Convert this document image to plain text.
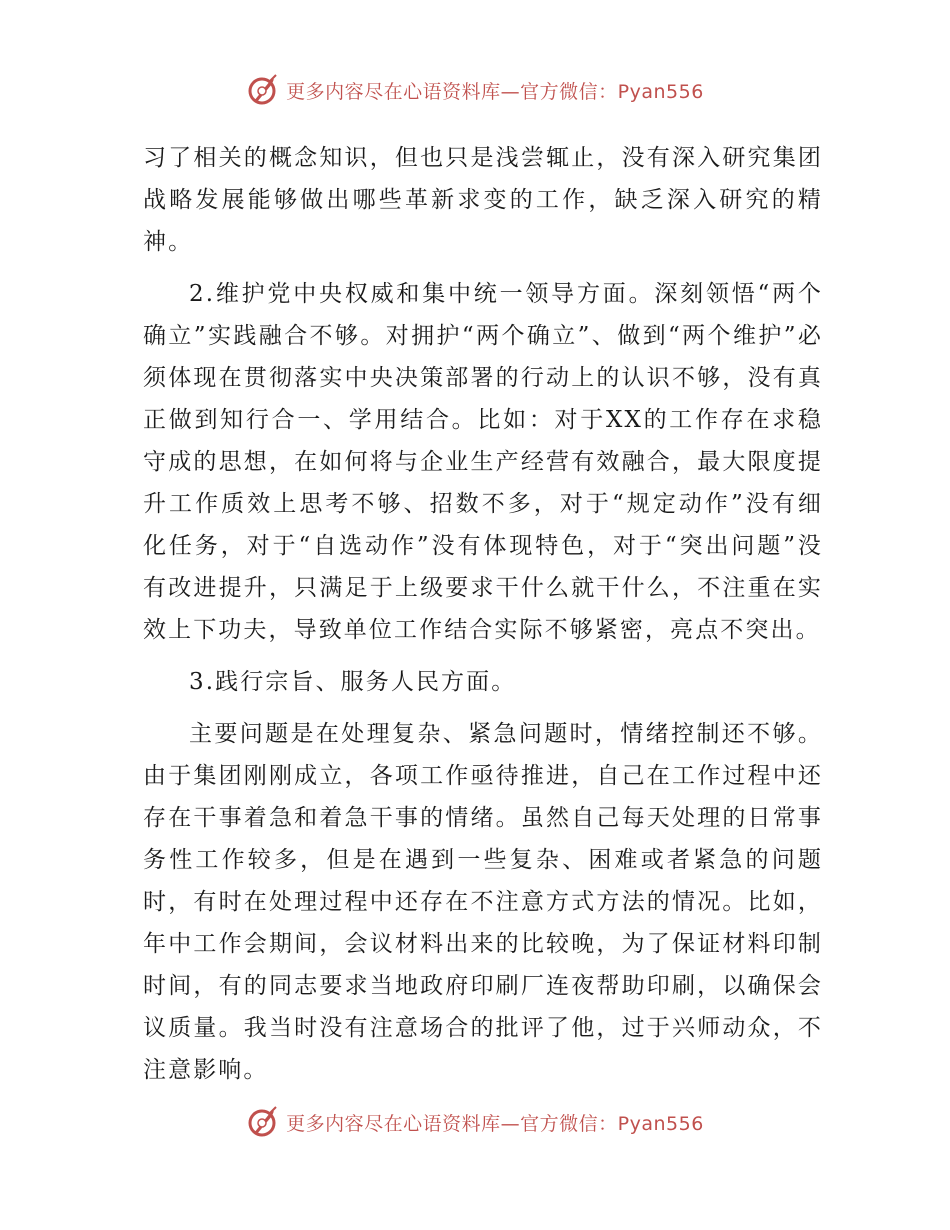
更多内容尽在心语资料库—官方微信：Pyan556

习了相关的概念知识，但也只是浅尝辄止，没有深入研究集团战略发展能够做出哪些革新求变的工作，缺乏深入研究的精神。

2.维护党中央权威和集中统一领导方面。深刻领悟“两个确立”实践融合不够。对拥护“两个确立”、做到“两个维护”必须体现在贯彻落实中央决策部署的行动上的认识不够，没有真正做到知行合一、学用结合。比如：对于XX的工作存在求稳守成的思想，在如何将与企业生产经营有效融合，最大限度提升工作质效上思考不够、招数不多，对于“规定动作”没有细化任务，对于“自选动作”没有体现特色，对于“突出问题”没有改进提升，只满足于上级要求干什么就干什么，不注重在实效上下功夫，导致单位工作结合实际不够紧密，亮点不突出。

3.践行宗旨、服务人民方面。

主要问题是在处理复杂、紧急问题时，情绪控制还不够。由于集团刚刚成立，各项工作亟待推进，自己在工作过程中还存在干事着急和着急干事的情绪。虽然自己每天处理的日常事务性工作较多，但是在遇到一些复杂、困难或者紧急的问题时，有时在处理过程中还存在不注意方式方法的情况。比如，年中工作会期间，会议材料出来的比较晚，为了保证材料印制时间，有的同志要求当地政府印刷厂连夜帮助印刷，以确保会议质量。我当时没有注意场合的批评了他，过于兴师动众，不注意影响。

更多内容尽在心语资料库—官方微信：Pyan556
